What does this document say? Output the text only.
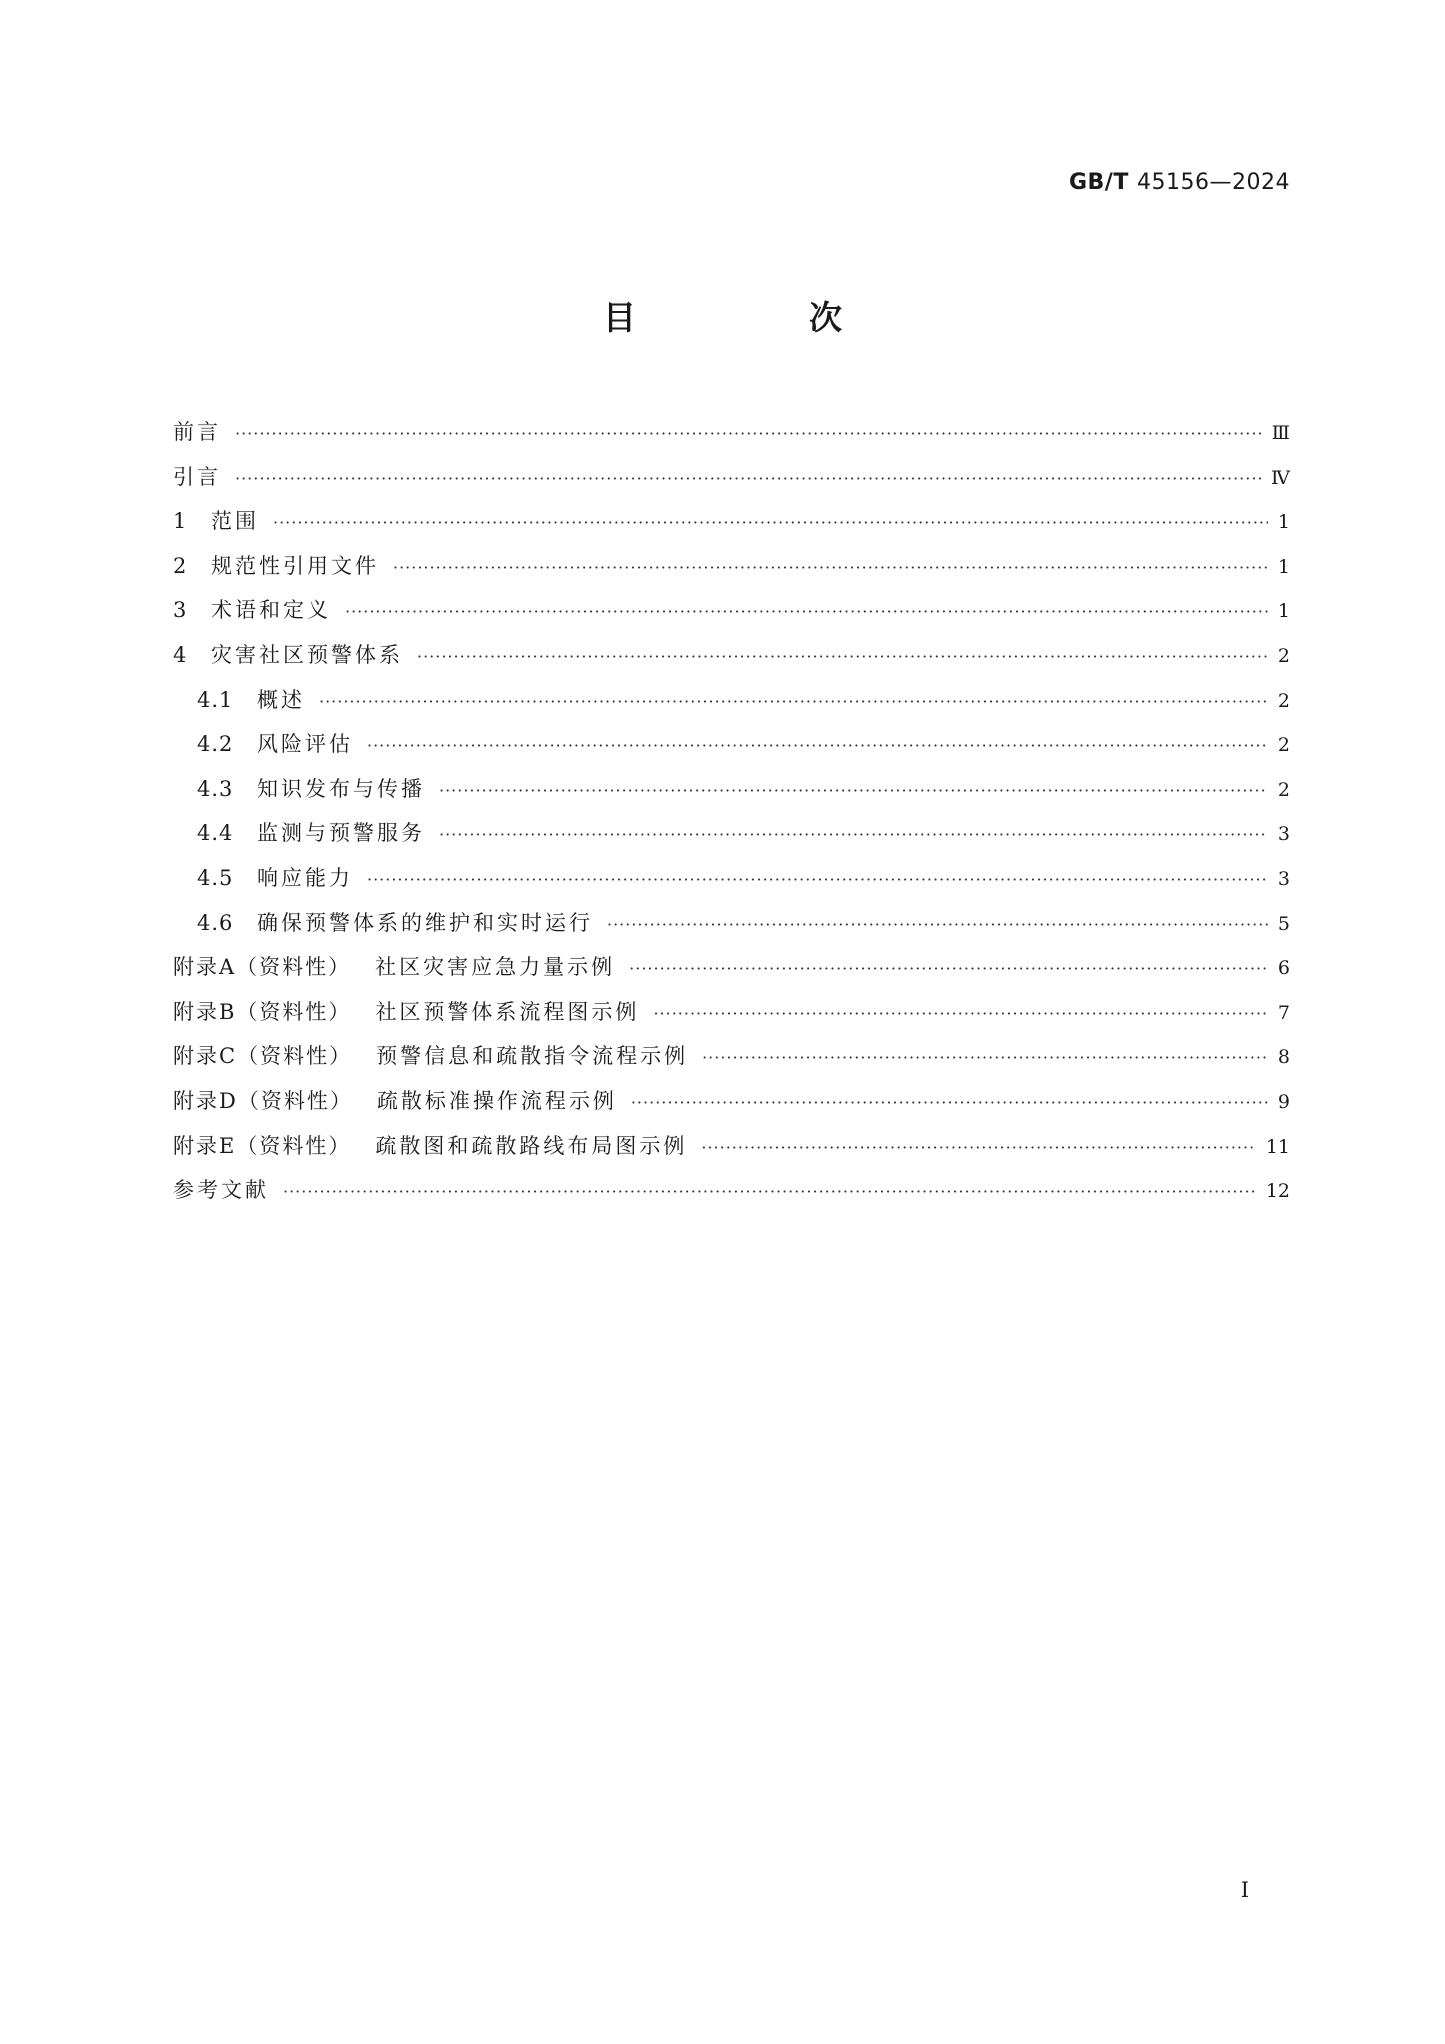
GB/T 45156—2024
目　次
前言 ·····	Ⅲ
引言 ·····	Ⅳ
1	范围 ·····	1
2	规范性引用文件 ·····	1
3	术语和定义 ·····	1
4	灾害社区预警体系 ·····	2
4.1	概述 ·····	2
4.2	风险评估 ·····	2
4.3	知识发布与传播 ·····	2
4.4	监测与预警服务 ·····	3
4.5	响应能力 ·····	3
4.6	确保预警体系的维护和实时运行 ·····	5
附录A（资料性） 社区灾害应急力量示例 ·····	6
附录B（资料性） 社区预警体系流程图示例 ·····	7
附录C（资料性） 预警信息和疏散指令流程示例 ·····	8
附录D（资料性） 疏散标准操作流程示例 ·····	9
附录E（资料性） 疏散图和疏散路线布局图示例 ·····	11
参考文献 ·····	12
Ⅰ
